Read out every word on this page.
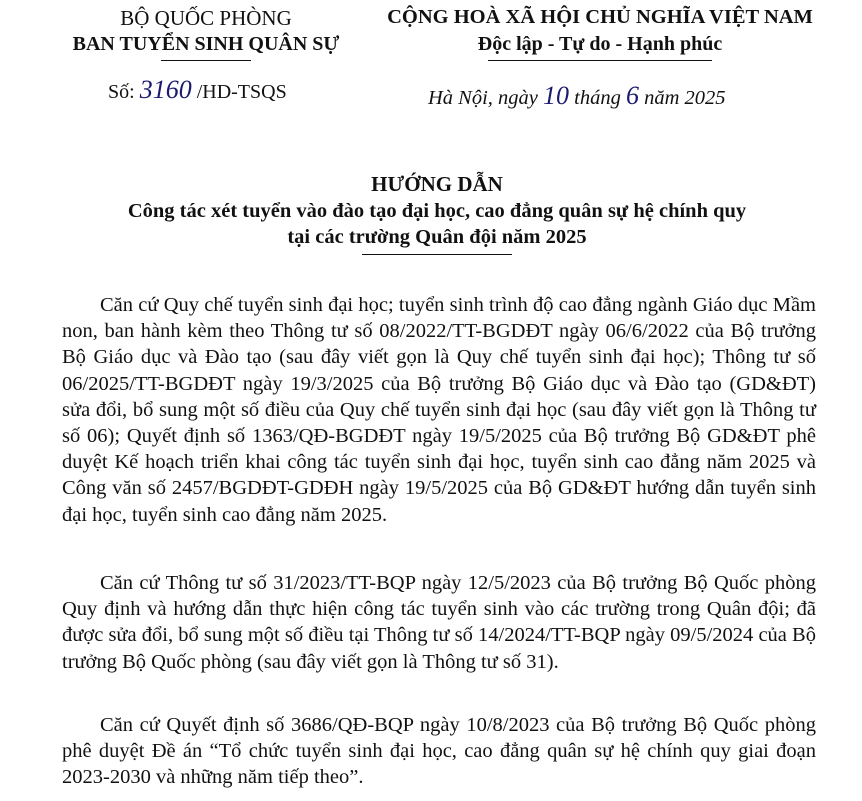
BỘ QUỐC PHÒNG
BAN TUYỂN SINH QUÂN SỰ
Số: 3160 /HD-TSQS
CỘNG HOÀ XÃ HỘI CHỦ NGHĨA VIỆT NAM
Độc lập - Tự do - Hạnh phúc
Hà Nội, ngày 10 tháng 6 năm 2025
HƯỚNG DẪN
Công tác xét tuyển vào đào tạo đại học, cao đẳng quân sự hệ chính quy
tại các trường Quân đội năm 2025

Căn cứ Quy chế tuyển sinh đại học; tuyển sinh trình độ cao đẳng ngành Giáo dục Mầm non, ban hành kèm theo Thông tư số 08/2022/TT-BGDĐT ngày 06/6/2022 của Bộ trưởng Bộ Giáo dục và Đào tạo (sau đây viết gọn là Quy chế tuyển sinh đại học); Thông tư số 06/2025/TT-BGDĐT ngày 19/3/2025 của Bộ trưởng Bộ Giáo dục và Đào tạo (GD&ĐT) sửa đổi, bổ sung một số điều của Quy chế tuyển sinh đại học (sau đây viết gọn là Thông tư số 06); Quyết định số 1363/QĐ-BGDĐT ngày 19/5/2025 của Bộ trưởng Bộ GD&ĐT phê duyệt Kế hoạch triển khai công tác tuyển sinh đại học, tuyển sinh cao đẳng năm 2025 và Công văn số 2457/BGDĐT-GDĐH ngày 19/5/2025 của Bộ GD&ĐT hướng dẫn tuyển sinh đại học, tuyển sinh cao đẳng năm 2025.

Căn cứ Thông tư số 31/2023/TT-BQP ngày 12/5/2023 của Bộ trưởng Bộ Quốc phòng Quy định và hướng dẫn thực hiện công tác tuyển sinh vào các trường trong Quân đội; đã được sửa đổi, bổ sung một số điều tại Thông tư số 14/2024/TT-BQP ngày 09/5/2024 của Bộ trưởng Bộ Quốc phòng (sau đây viết gọn là Thông tư số 31).

Căn cứ Quyết định số 3686/QĐ-BQP ngày 10/8/2023 của Bộ trưởng Bộ Quốc phòng phê duyệt Đề án “Tổ chức tuyển sinh đại học, cao đẳng quân sự hệ chính quy giai đoạn 2023-2030 và những năm tiếp theo”.
